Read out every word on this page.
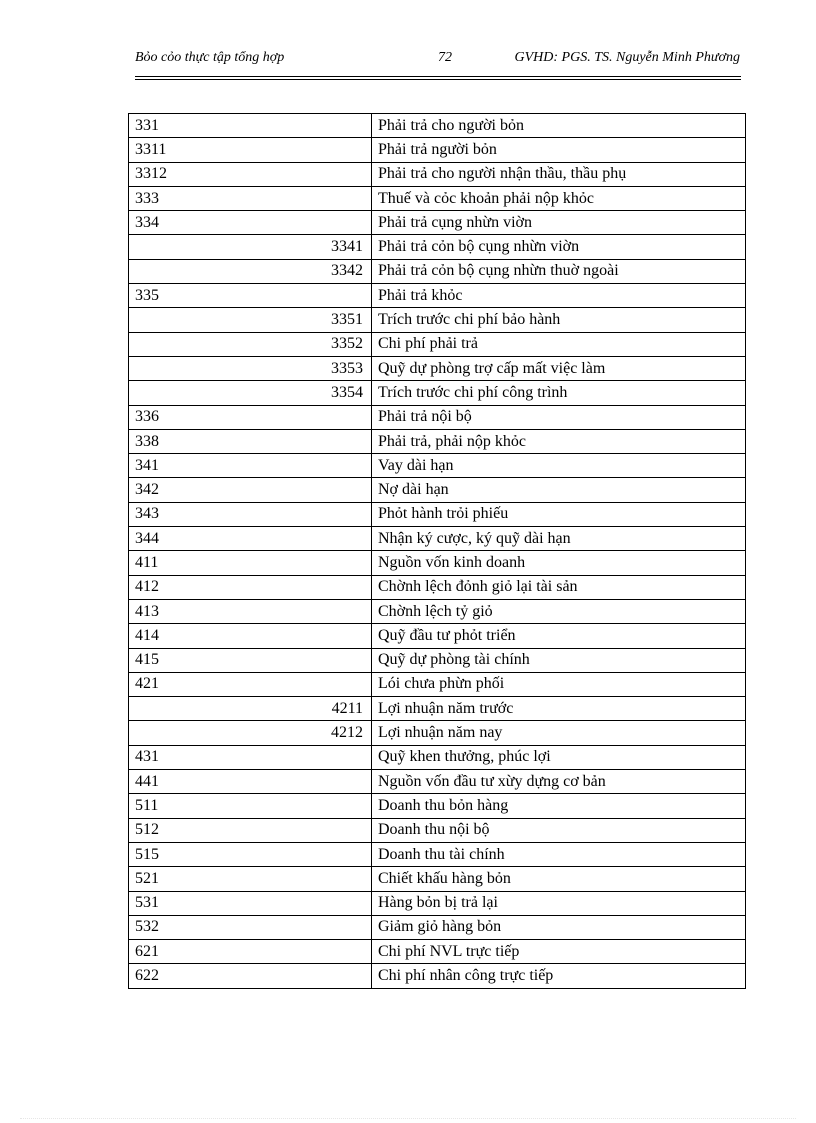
Bỏo cỏo thực tập tổng hợp	72	GVHD: PGS. TS. Nguyễn Minh Phương
331	Phải trả cho người bỏn
3311	Phải trả người bỏn
3312	Phải trả cho người nhận thầu, thầu phụ
333	Thuế và cỏc khoản phải nộp khỏc
334	Phải trả cụng nhừn viờn
3341	Phải trả cỏn bộ cụng nhừn viờn
3342	Phải trả cỏn bộ cụng nhừn thuờ ngoài
335	Phải trả khỏc
3351	Trích trước chi phí bảo hành
3352	Chi phí phải trả
3353	Quỹ dự phòng trợ cấp mất việc làm
3354	Trích trước chi phí công trình
336	Phải trả nội bộ
338	Phải trả, phải nộp khỏc
341	Vay dài hạn
342	Nợ dài hạn
343	Phỏt hành trỏi phiếu
344	Nhận ký cược, ký quỹ dài hạn
411	Nguồn vốn kinh doanh
412	Chờnh lệch đỏnh giỏ lại tài sản
413	Chờnh lệch tỷ giỏ
414	Quỹ đầu tư phỏt triển
415	Quỹ dự phòng tài chính
421	Lói chưa phừn phối
4211	Lợi nhuận năm trước
4212	Lợi nhuận năm nay
431	Quỹ khen thưởng, phúc lợi
441	Nguồn vốn đầu tư xừy dựng cơ bản
511	Doanh thu bỏn hàng
512	Doanh thu nội bộ
515	Doanh thu tài chính
521	Chiết khấu hàng bỏn
531	Hàng bỏn bị trả lại
532	Giảm giỏ hàng bỏn
621	Chi phí NVL trực tiếp
622	Chi phí nhân công trực tiếp
